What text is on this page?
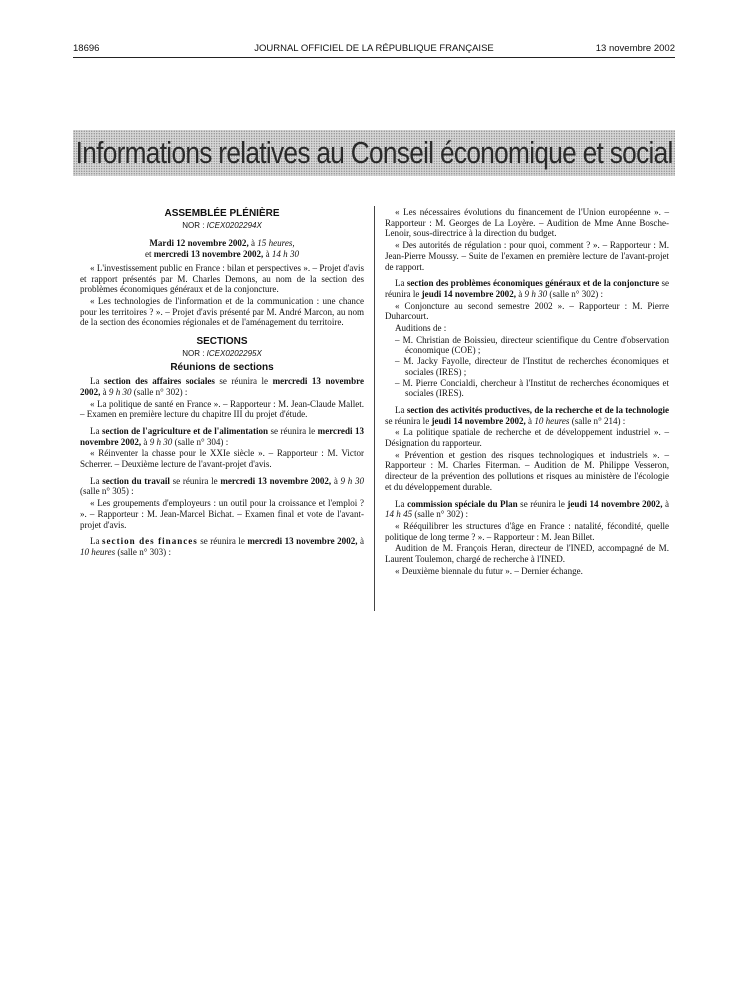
18696	JOURNAL OFFICIEL DE LA RÉPUBLIQUE FRANÇAISE	13 novembre 2002
Informations relatives au Conseil économique et social
ASSEMBLÉE PLÉNIÈRE
NOR : ICEX0202294X
Mardi 12 novembre 2002, à 15 heures,
et mercredi 13 novembre 2002, à 14 h 30

« L'investissement public en France : bilan et perspectives ». – Projet d'avis et rapport présentés par M. Charles Demons, au nom de la section des problèmes économiques généraux et de la conjoncture.

« Les technologies de l'information et de la communication : une chance pour les territoires ? ». – Projet d'avis présenté par M. André Marcon, au nom de la section des économies régionales et de l'aménagement du territoire.

SECTIONS
NOR : ICEX0202295X
Réunions de sections

La section des affaires sociales se réunira le mercredi 13 novembre 2002, à 9 h 30 (salle n° 302) :

« La politique de santé en France ». – Rapporteur : M. Jean-Claude Mallet. – Examen en première lecture du chapitre III du projet d'étude.

La section de l'agriculture et de l'alimentation se réunira le mercredi 13 novembre 2002, à 9 h 30 (salle n° 304) :

« Réinventer la chasse pour le XXIe siècle ». – Rapporteur : M. Victor Scherrer. – Deuxième lecture de l'avant-projet d'avis.

La section du travail se réunira le mercredi 13 novembre 2002, à 9 h 30 (salle n° 305) :

« Les groupements d'employeurs : un outil pour la croissance et l'emploi ? ». – Rapporteur : M. Jean-Marcel Bichat. – Examen final et vote de l'avant-projet d'avis.

La section des finances se réunira le mercredi 13 novembre 2002, à 10 heures (salle n° 303) :

« Les nécessaires évolutions du financement de l'Union européenne ». – Rapporteur : M. Georges de La Loyère. – Audition de Mme Anne Bosche-Lenoir, sous-directrice à la direction du budget.

« Des autorités de régulation : pour quoi, comment ? ». – Rapporteur : M. Jean-Pierre Moussy. – Suite de l'examen en première lecture de l'avant-projet de rapport.

La section des problèmes économiques généraux et de la conjoncture se réunira le jeudi 14 novembre 2002, à 9 h 30 (salle n° 302) :

« Conjoncture au second semestre 2002 ». – Rapporteur : M. Pierre Duharcourt.

Auditions de :

– M. Christian de Boissieu, directeur scientifique du Centre d'observation économique (COE) ;
– M. Jacky Fayolle, directeur de l'Institut de recherches économiques et sociales (IRES) ;
– M. Pierre Concialdi, chercheur à l'Institut de recherches économiques et sociales (IRES).

La section des activités productives, de la recherche et de la technologie se réunira le jeudi 14 novembre 2002, à 10 heures (salle n° 214) :

« La politique spatiale de recherche et de développement industriel ». – Désignation du rapporteur.

« Prévention et gestion des risques technologiques et industriels ». – Rapporteur : M. Charles Fiterman. – Audition de M. Philippe Vesseron, directeur de la prévention des pollutions et risques au ministère de l'écologie et du développement durable.

La commission spéciale du Plan se réunira le jeudi 14 novembre 2002, à 14 h 45 (salle n° 302) :

« Rééquilibrer les structures d'âge en France : natalité, fécondité, quelle politique de long terme ? ». – Rapporteur : M. Jean Billet.

Audition de M. François Heran, directeur de l'INED, accompagné de M. Laurent Toulemon, chargé de recherche à l'INED.

« Deuxième biennale du futur ». – Dernier échange.
